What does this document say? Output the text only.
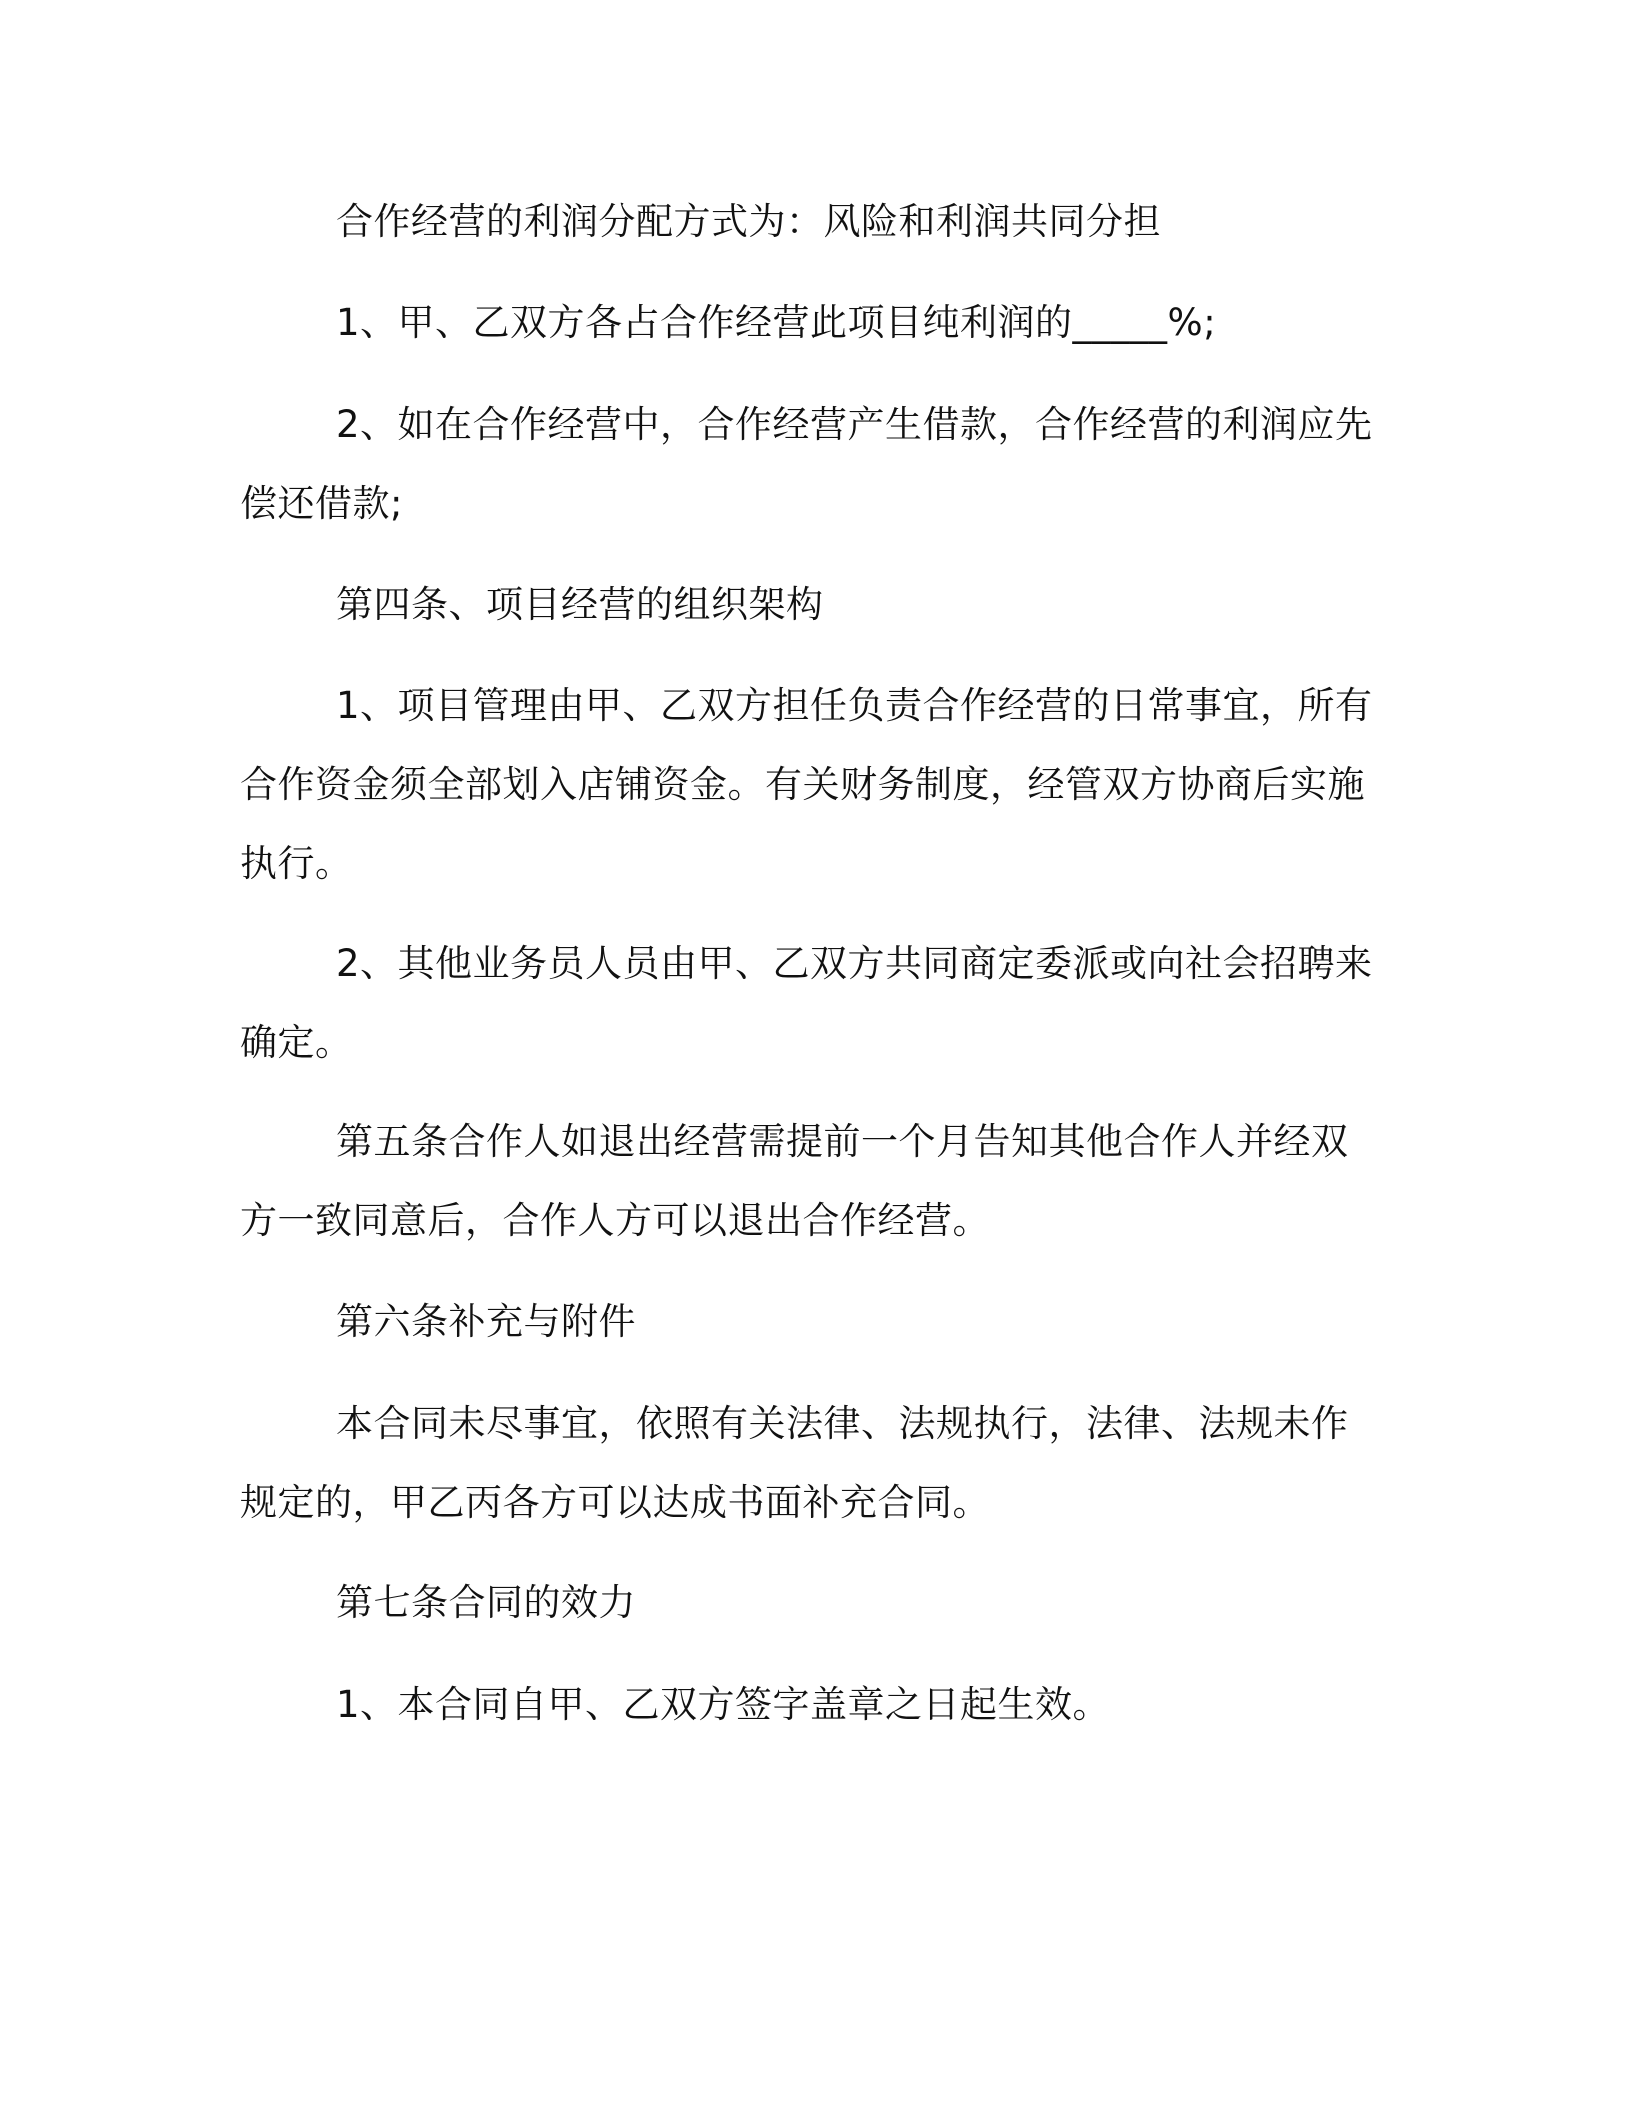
合作经营的利润分配方式为：风险和利润共同分担

1、甲、乙双方各占合作经营此项目纯利润的_____%;

2、如在合作经营中，合作经营产生借款，合作经营的利润应先偿还借款;

第四条、项目经营的组织架构

1、项目管理由甲、乙双方担任负责合作经营的日常事宜，所有合作资金须全部划入店铺资金。有关财务制度，经管双方协商后实施执行。

2、其他业务员人员由甲、乙双方共同商定委派或向社会招聘来确定。

第五条合作人如退出经营需提前一个月告知其他合作人并经双方一致同意后，合作人方可以退出合作经营。

第六条补充与附件

本合同未尽事宜，依照有关法律、法规执行，法律、法规未作规定的，甲乙丙各方可以达成书面补充合同。

第七条合同的效力

1、本合同自甲、乙双方签字盖章之日起生效。
